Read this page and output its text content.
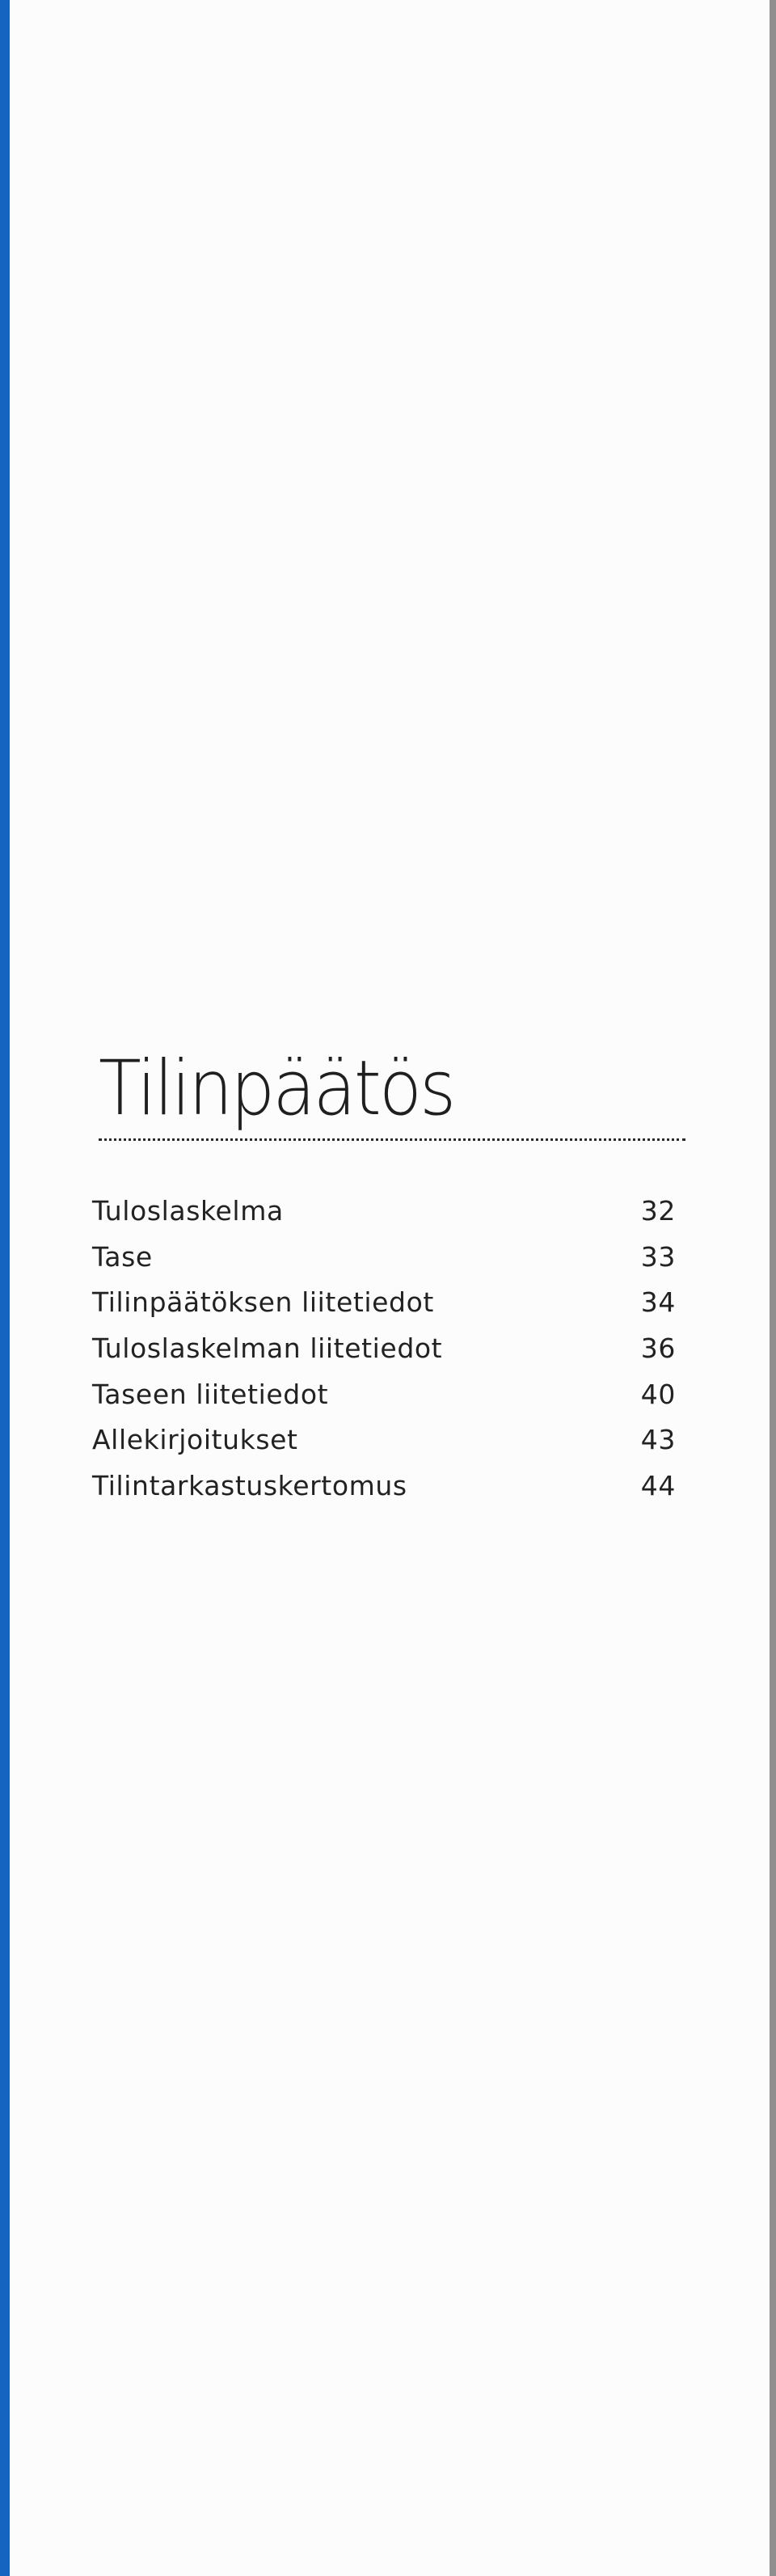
Tilinpäätös
Tuloslaskelma	32
Tase	33
Tilinpäätöksen liitetiedot	34
Tuloslaskelman liitetiedot	36
Taseen liitetiedot	40
Allekirjoitukset	43
Tilintarkastuskertomus	44
